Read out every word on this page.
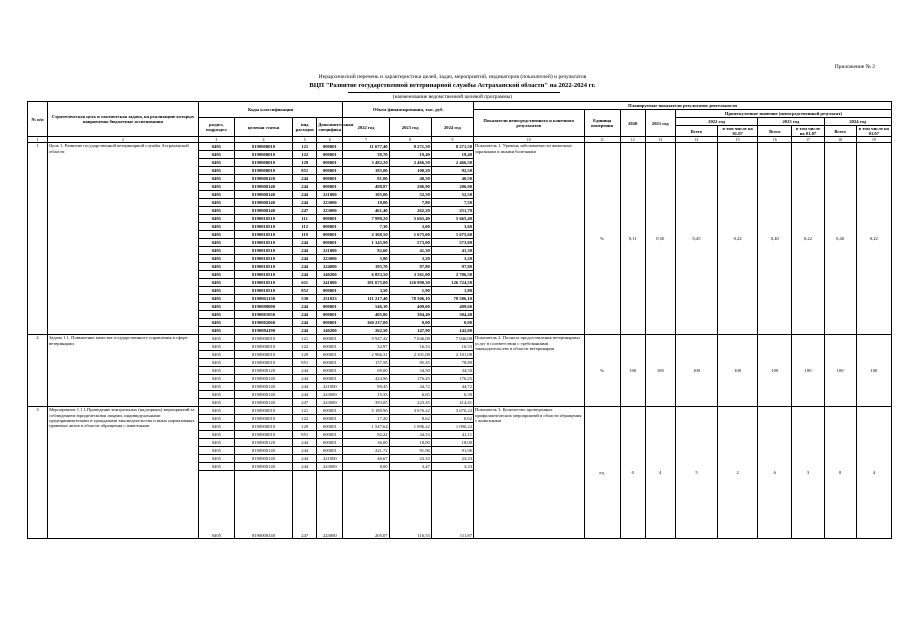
Приложение № 2
Иерархический перечень и характеристика целей, задач, мероприятий, индикаторов (показателей) и результатов
ВЦП "Развитие государственной ветеринарной службы Астраханской области" на 2022-2024 гг.
(наименование ведомственной целевой программы)
№ п/п	Стратегическая цель и тактическая задача, на реализацию которых направлены бюджетные ассигнования	Коды классификации				Объем финансирования, тыс. руб.			Планируемые показатели результатов деятельности									
									Показатели непосредственного и конечного результатов	Единица измерения	2020	2021 год	Промежуточное значение (непосредственный результат)					
		раздел, подраздел	целевая статья	вид расходов	Дополнительная специфика	2022 год	2023 год	2024 год					2022 год		2023 год		2024 год	
													Всего	в том числе на 01.07	Всего	в том числе на 01.07	Всего	в том числе на 01.07
1	2	3	4	5	6	7	8	9	10	11	12	13	14	15	16	17	18	19
1	Цель 1. Развитие государственной ветеринарной службы Астраханской области	0405	8190000010	121	000001	11 677,40	8 271,50	8 271,50	Показатель 1. Уровень заболеваемости животных заразными и иными болезнями	%	0,11	0,50	0,45	0,22	0,40	0,22	0,40	0,22
		0405	8190000010	122	000001	38,70	19,40	19,40										
		0405	8190000010	129	000001	3 482,20	2 466,50	2 466,50										
		0405	8190000010	851	000001	185,00	100,20	92,50										
		0405	8190000120	244	000001	81,00	40,50	40,50										
		0405	8190000140	244	000001	498,87	206,90	206,90										
		0405	8190000140	244	221000	105,00	52,50	52,50										
		0405	8190000140	244	223000	18,00	7,80	7,50										
		0405	8190000140	247	223000	461,40	262,20	251,70										
		0405	8190010510	111	000001	7 998,20	5 665,40	5 665,40										
		0405	8190010510	112	000001	7,30	3,60	3,60										
		0405	8190010510	119	000001	2 368,50	1 675,60	1 675,60										
		0405	8190010510	244	000001	1 145,90	573,00	573,00										
		0405	8190010510	244	221000	82,60	41,30	41,30										
		0405	8190010510	244	223000	5,80	3,20	3,20										
		0405	8190010510	244	224000	195,70	97,80	97,80										
		0405	8190010510	244	340200	6 853,50	3 561,00	2 706,50										
		0405	8190010510	611	241000	181 675,00	126 990,30	126 724,50										
		0405	8190010510	852	000001	3,50	1,90	1,80										
		0405	8190063130	530	251023	111 217,40	78 506,10	78 506,10										
		0405	8190080000	244	000001	546,10	409,60	409,60										
		0405	8190081050	244	000001	405,86	304,40	304,40										
		0405	8190082060	244	000001	160 237,00	0,00	0,00										
		0405	8190084190	244	340200	262,50	147,90	142,00										
2	Задача 1.1. Повышение качества государственного управления в сфере ветеринарии	0405	8190000010	121	000001	9 947,42	7 046,08	7 046,08	Показатель 2. Полнота предоставления ветеринарных услуг в соответствии с требованиями законодательства в области ветеринарии	%	100	100	100	100	100	100	100	100
		0405	8190000010	122	000001	32,97	16,53	16,53										
		0405	8190000010	129	000001	2 966,31	2 101,08	2 101,08										
		0405	8190000010	851	000001	157,58	85,35	78,80										
		0405	8190000120	244	000001	69,00	34,50	34,50										
		0405	8190000140	244	000001	424,96	176,25	176,25										
		0405	8190000140	244	221000	89,45	44,72	44,72										
		0405	8190000140	244	223000	15,33	6,65	6,39										
		0405	8190000140	247	223000	393,05	223,35	214,41										
3	Мероприятие 1.1.1.Проведение контрольных (надзорных) мероприятий за соблюдением юридическими лицами, индивидуальными предпринимателями и гражданами законодательства и иных нормативных правовых актов в области обращения с животными	0405	8190000010	121	000001	5 189,96	3 676,22	3 676,22	Показатель 3. Количество проведенных профилактических мероприятий в области обращения с животными	ед.	0	4	5	2	6	3	8	4
		0405	8190000010	122	000001	17,20	8,62	8,62										
		0405	8190000010	129	000001	1 547,64	1 096,22	1 096,22										
		0405	8190000010	851	000001	82,22	44,53	41,11										
		0405	8190000120	244	000001	36,00	18,00	18,00										
		0405	8190000140	244	000001	221,72	91,96	91,96										
		0405	8190000140	244	221000	46,67	23,33	23,33										
		0405	8190000140	244	223000	8,00	3,47	3,33										
		0405	8190000140	247	223000	205,07	116,53	111,87										
